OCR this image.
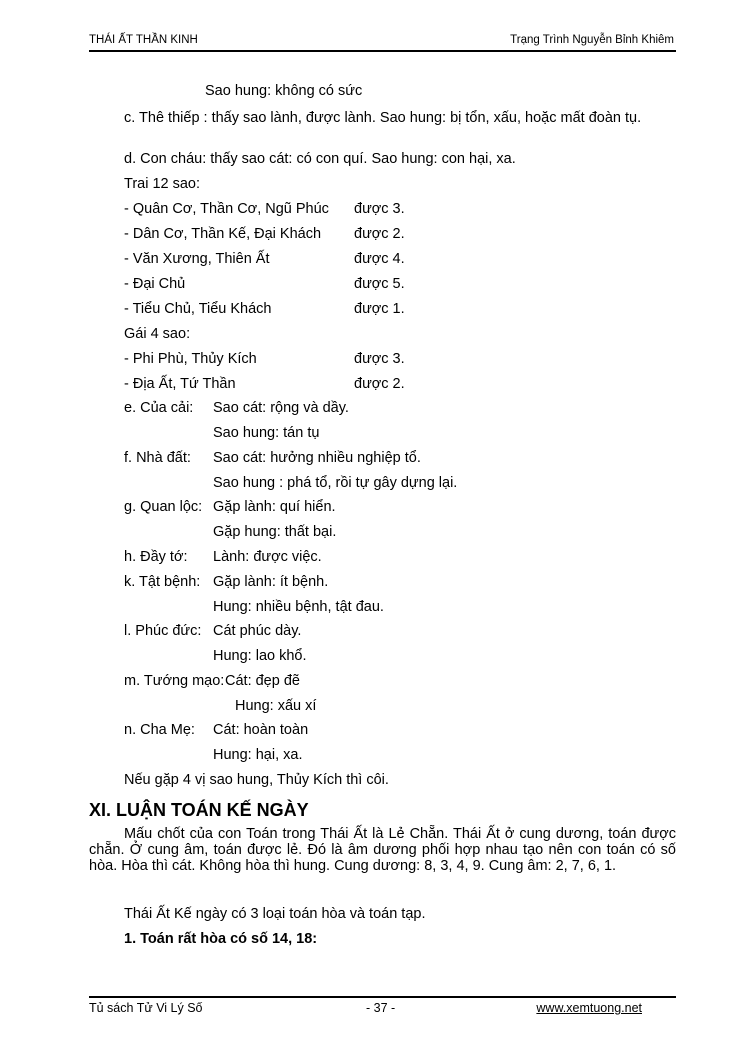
THÁI ẤT THẦN KINH	Trạng Trình Nguyễn Bỉnh Khiêm
Sao hung: không có sức
c. Thê thiếp : thấy sao lành, được lành. Sao hung: bị tổn, xấu, hoặc mất đoàn tụ.
d. Con cháu: thấy sao cát: có con quí. Sao hung: con hại, xa.
Trai 12 sao:
- Quân Cơ, Thần Cơ, Ngũ Phúc được 3.
- Dân Cơ, Thần Kế, Đại Khách được 2.
- Văn Xương, Thiên Ất	được 4.
- Đại Chủ	được 5.
- Tiểu Chủ, Tiểu Khách	được 1.
Gái 4 sao:
- Phi Phù, Thủy Kích	được 3.
- Địa Ất, Tứ Thần	được 2.
e. Của cải: Sao cát: rộng và dầy.
Sao hung: tán tụ
f. Nhà đất: Sao cát: hưởng nhiều nghiệp tổ.
Sao hung : phá tổ, rồi tự gây dựng lại.
g. Quan lộc: Gặp lành: quí hiển.
Gặp hung: thất bại.
h. Đầy tớ: Lành: được việc.
k. Tật bệnh: Gặp lành: ít bệnh.
Hung: nhiều bệnh, tật đau.
l. Phúc đức: Cát phúc dày.
Hung: lao khổ.
m. Tướng mạo: Cát: đẹp đẽ
Hung: xấu xí
n. Cha Mẹ: Cát: hoàn toàn
Hung: hại, xa.
Nếu gặp 4 vị sao hung, Thủy Kích thì côi.
XI. LUẬN TOÁN KẾ NGÀY
Mấu chốt của con Toán trong Thái Ất là Lẻ Chẵn. Thái Ất ở cung dương, toán được chẵn. Ở cung âm, toán được lẻ. Đó là âm dương phối hợp nhau tạo nên con toán có số hòa. Hòa thì cát. Không hòa thì hung. Cung dương: 8, 3, 4, 9. Cung âm: 2, 7, 6, 1.
Thái Ất Kế ngày có 3 loại toán hòa và toán tạp.
1. Toán rất hòa có số 14, 18:
Tủ sách Tử Vi Lý Số	- 37 -	www.xemtuong.net
